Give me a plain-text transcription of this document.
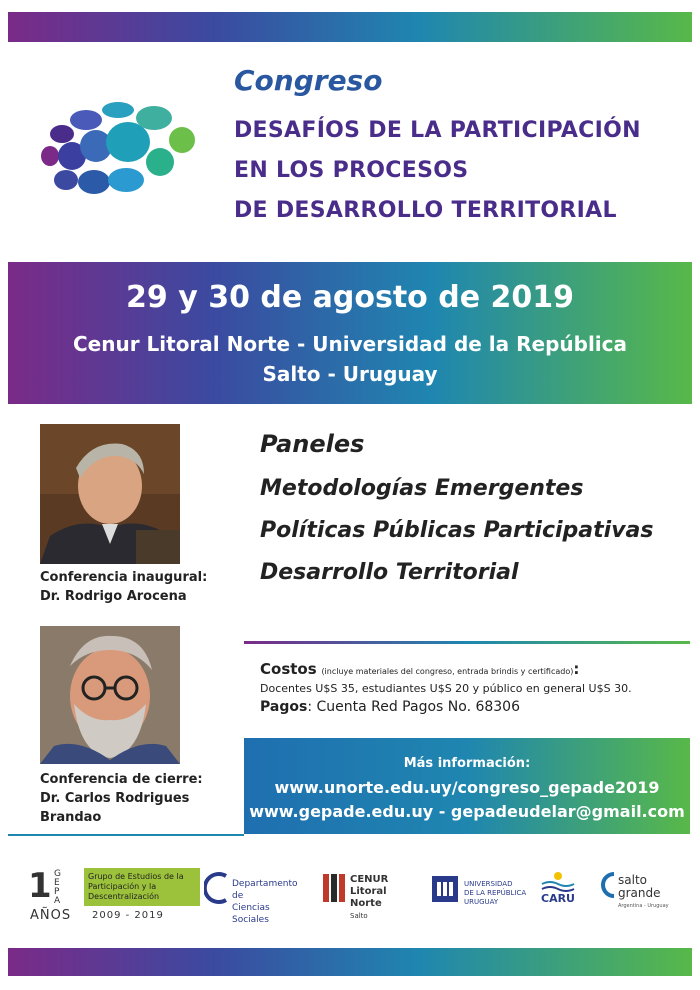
Congreso
DESAFÍOS DE LA PARTICIPACIÓN
EN LOS PROCESOS
DE DESARROLLO TERRITORIAL
29 y 30 de agosto de 2019
Cenur Litoral Norte - Universidad de la República
Salto - Uruguay
Conferencia inaugural:
Dr. Rodrigo Arocena
Conferencia de cierre:
Dr. Carlos Rodrigues
Brandao
Paneles
Metodologías Emergentes
Políticas Públicas Participativas
Desarrollo Territorial
Costos (incluye materiales del congreso, entrada brindis y certificado):
Docentes U$S 35, estudiantes U$S 20 y público en general U$S 30.
Pagos: Cuenta Red Pagos No. 68306
Más información:
www.unorte.edu.uy/congreso_gepade2019
www.gepade.edu.uy - gepadeudelar@gmail.com
1 G
E
P
A
Grupo de Estudios de la Participación y la Descentralización
AÑOS 2009 - 2019
Departamento de
Ciencias Sociales
CENUR
Litoral Norte
Salto
UNIVERSIDAD
DE LA REPÚBLICA
URUGUAY	CARU
salto
grande
Argentina - Uruguay
